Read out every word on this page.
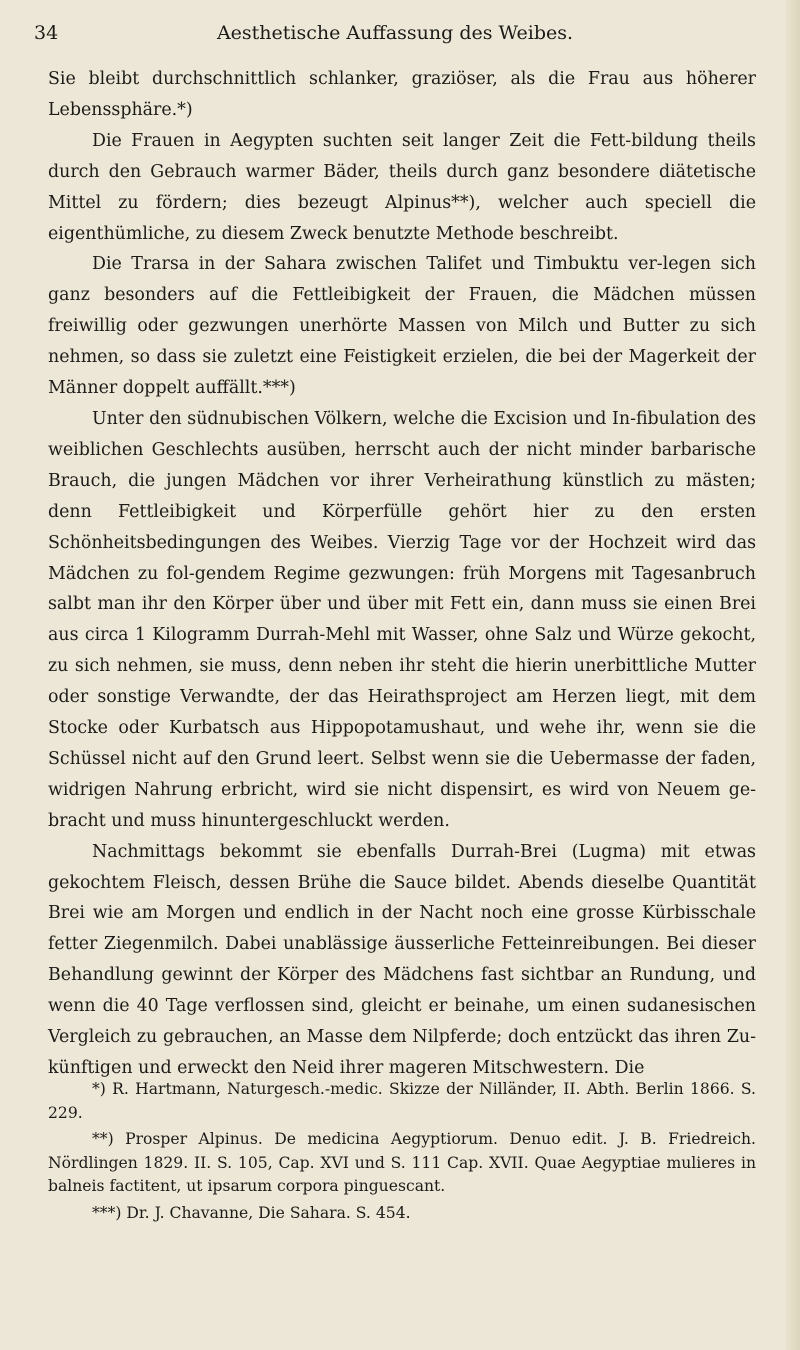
34	Aesthetische Auffassung des Weibes.

Sie bleibt durchschnittlich schlanker, graziöser, als die Frau aus höherer Lebenssphäre.*)

Die Frauen in Aegypten suchten seit langer Zeit die Fett-bildung theils durch den Gebrauch warmer Bäder, theils durch ganz besondere diätetische Mittel zu fördern; dies bezeugt Alpinus**), welcher auch speciell die eigenthümliche, zu diesem Zweck benutzte Methode beschreibt.

Die Trarsa in der Sahara zwischen Talifet und Timbuktu ver-legen sich ganz besonders auf die Fettleibigkeit der Frauen, die Mädchen müssen freiwillig oder gezwungen unerhörte Massen von Milch und Butter zu sich nehmen, so dass sie zuletzt eine Feistigkeit erzielen, die bei der Magerkeit der Männer doppelt auffällt.***)

Unter den südnubischen Völkern, welche die Excision und In-fibulation des weiblichen Geschlechts ausüben, herrscht auch der nicht minder barbarische Brauch, die jungen Mädchen vor ihrer Verheirathung künstlich zu mästen; denn Fettleibigkeit und Körperfülle gehört hier zu den ersten Schönheitsbedingungen des Weibes. Vierzig Tage vor der Hochzeit wird das Mädchen zu fol-gendem Regime gezwungen: früh Morgens mit Tagesanbruch salbt man ihr den Körper über und über mit Fett ein, dann muss sie einen Brei aus circa 1 Kilogramm Durrah-Mehl mit Wasser, ohne Salz und Würze gekocht, zu sich nehmen, sie muss, denn neben ihr steht die hierin unerbittliche Mutter oder sonstige Verwandte, der das Heirathsproject am Herzen liegt, mit dem Stocke oder Kurbatsch aus Hippopotamushaut, und wehe ihr, wenn sie die Schüssel nicht auf den Grund leert. Selbst wenn sie die Uebermasse der faden, widrigen Nahrung erbricht, wird sie nicht dispensirt, es wird von Neuem ge-bracht und muss hinuntergeschluckt werden.

Nachmittags bekommt sie ebenfalls Durrah-Brei (Lugma) mit etwas gekochtem Fleisch, dessen Brühe die Sauce bildet. Abends dieselbe Quantität Brei wie am Morgen und endlich in der Nacht noch eine grosse Kürbisschale fetter Ziegenmilch. Dabei unablässige äusserliche Fetteinreibungen. Bei dieser Behandlung gewinnt der Körper des Mädchens fast sichtbar an Rundung, und wenn die 40 Tage verflossen sind, gleicht er beinahe, um einen sudanesischen Vergleich zu gebrauchen, an Masse dem Nilpferde; doch entzückt das ihren Zu-künftigen und erweckt den Neid ihrer mageren Mitschwestern. Die

*) R. Hartmann, Naturgesch.-medic. Skizze der Nilländer, II. Abth. Berlin 1866. S. 229.

**) Prosper Alpinus. De medicina Aegyptiorum. Denuo edit. J. B. Friedreich. Nördlingen 1829. II. S. 105, Cap. XVI und S. 111 Cap. XVII. Quae Aegyptiae mulieres in balneis factitent, ut ipsarum corpora pinguescant.

***) Dr. J. Chavanne, Die Sahara. S. 454.
